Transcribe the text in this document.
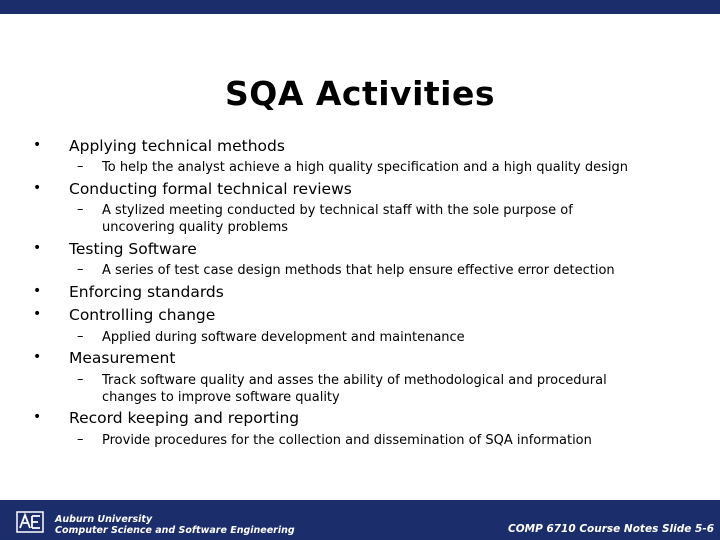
SQA Activities
• Applying technical methods
– To help the analyst achieve a high quality specification and a high quality design
• Conducting formal technical reviews
– A stylized meeting conducted by technical staff with the sole purpose of uncovering quality problems
• Testing Software
– A series of test case design methods that help ensure effective error detection
• Enforcing standards
• Controlling change
– Applied during software development and maintenance
• Measurement
– Track software quality and asses the ability of methodological and procedural changes to improve software quality
• Record keeping and reporting
– Provide procedures for the collection and dissemination of SQA information
Auburn University
Computer Science and Software Engineering	COMP 6710 Course Notes Slide 5-6
